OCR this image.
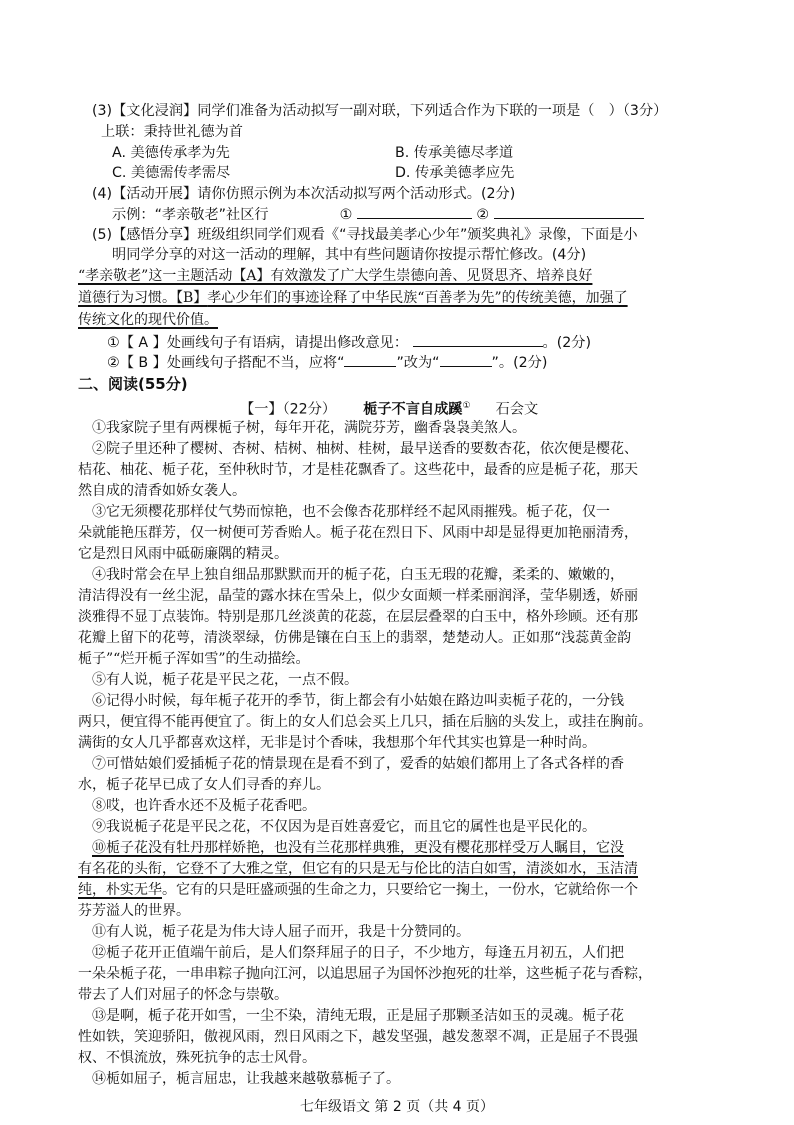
(3)【文化浸润】同学们准备为活动拟写一副对联，下列适合作为下联的一项是（　）（3分）
上联：秉持世礼德为首
A. 美德传承孝为先	B. 传承美德尽孝道
C. 美德需传孝需尽	D. 传承美德孝应先
(4)【活动开展】请你仿照示例为本次活动拟写两个活动形式。(2分)
示例：“孝亲敬老”社区行	①	②
(5)【感悟分享】班级组织同学们观看《“寻找最美孝心少年”颁奖典礼》录像，下面是小
明同学分享的对这一活动的理解，其中有些问题请你按提示帮忙修改。(4分)
“孝亲敬老”这一主题活动【A】有效激发了广大学生崇德向善、见贤思齐、培养良好
道德行为习惯。【B】孝心少年们的事迹诠释了中华民族“百善孝为先”的传统美德，加强了
传统文化的现代价值。
①【 A 】处画线句子有语病，请提出修改意见：	。(2分)
②【 B 】处画线句子搭配不当，应将“	”改为“	”。(2分)
二、阅读(55分)
【一】（22分） 栀子不言自成蹊① 石会文
①我家院子里有两棵栀子树，每年开花，满院芬芳，幽香袅袅美煞人。
②院子里还种了樱树、杏树、桔树、柚树、桂树，最早送香的要数杏花，依次便是樱花、
桔花、柚花、栀子花，至仲秋时节，才是桂花飘香了。这些花中，最香的应是栀子花，那天
然自成的清香如娇女袭人。
③它无须樱花那样仗气势而惊艳，也不会像杏花那样经不起风雨摧残。栀子花，仅一
朵就能艳压群芳，仅一树便可芳香贻人。栀子花在烈日下、风雨中却是显得更加艳丽清秀，
它是烈日风雨中砥砺廉隅的精灵。
④我时常会在早上独自细品那默默而开的栀子花，白玉无瑕的花瓣，柔柔的、嫩嫩的，
清洁得没有一丝尘泥，晶莹的露水抹在雪朵上，似少女面颊一样柔丽润泽，莹华剔透，娇丽
淡雅得不显丁点装饰。特别是那几丝淡黄的花蕊，在层层叠翠的白玉中，格外珍顾。还有那
花瓣上留下的花萼，清淡翠绿，仿佛是镶在白玉上的翡翠，楚楚动人。正如那“浅蕊黄金韵
栀子”“烂开栀子浑如雪”的生动描绘。
⑤有人说，栀子花是平民之花，一点不假。
⑥记得小时候，每年栀子花开的季节，街上都会有小姑娘在路边叫卖栀子花的，一分钱
两只，便宜得不能再便宜了。街上的女人们总会买上几只，插在后脑的头发上，或挂在胸前。
满街的女人几乎都喜欢这样，无非是讨个香味，我想那个年代其实也算是一种时尚。
⑦可惜姑娘们爱插栀子花的情景现在是看不到了，爱香的姑娘们都用上了各式各样的香
水，栀子花早已成了女人们寻香的弃儿。
⑧哎，也许香水还不及栀子花香吧。
⑨我说栀子花是平民之花，不仅因为是百姓喜爱它，而且它的属性也是平民化的。
⑩栀子花没有牡丹那样娇艳，也没有兰花那样典雅，更没有樱花那样受万人瞩目，它没
有名花的头衔，它登不了大雅之堂，但它有的只是无与伦比的洁白如雪，清淡如水，玉洁清
纯，朴实无华。它有的只是旺盛顽强的生命之力，只要给它一掬土，一份水，它就给你一个
芬芳溢人的世界。
⑪有人说，栀子花是为伟大诗人屈子而开，我是十分赞同的。
⑫栀子花开正值端午前后，是人们祭拜屈子的日子，不少地方，每逢五月初五，人们把
一朵朵栀子花，一串串粽子抛向江河，以追思屈子为国怀沙抱死的壮举，这些栀子花与香粽，
带去了人们对屈子的怀念与崇敬。
⑬是啊，栀子花开如雪，一尘不染，清纯无瑕，正是屈子那颗圣洁如玉的灵魂。栀子花
性如铁，笑迎骄阳，傲视风雨，烈日风雨之下，越发坚强，越发葱翠不凋，正是屈子不畏强
权、不惧流放，殊死抗争的志士风骨。
⑭栀如屈子，栀言屈忠，让我越来越敬慕栀子了。
七年级语文 第 2 页（共 4 页）
